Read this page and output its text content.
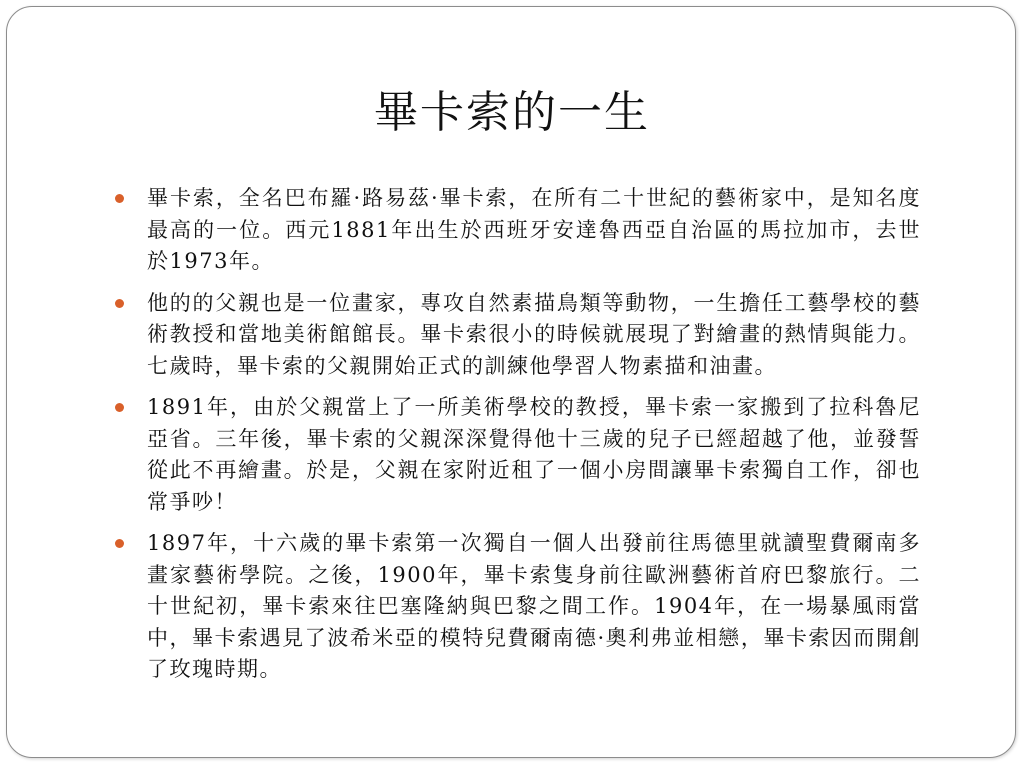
畢卡索的一生
畢卡索，全名巴布羅·路易茲·畢卡索，在所有二十世紀的藝術家中，是知名度最高的一位。西元1881年出生於西班牙安達魯西亞自治區的馬拉加市，去世於1973年。
他的的父親也是一位畫家，專攻自然素描鳥類等動物，一生擔任工藝學校的藝術教授和當地美術館館長。畢卡索很小的時候就展現了對繪畫的熱情與能力。七歲時，畢卡索的父親開始正式的訓練他學習人物素描和油畫。
1891年，由於父親當上了一所美術學校的教授，畢卡索一家搬到了拉科魯尼亞省。三年後，畢卡索的父親深深覺得他十三歲的兒子已經超越了他，並發誓從此不再繪畫。於是，父親在家附近租了一個小房間讓畢卡索獨自工作，卻也常爭吵！
1897年，十六歲的畢卡索第一次獨自一個人出發前往馬德里就讀聖費爾南多畫家藝術學院。之後，1900年，畢卡索隻身前往歐洲藝術首府巴黎旅行。二十世紀初，畢卡索來往巴塞隆納與巴黎之間工作。1904年，在一場暴風雨當中，畢卡索遇見了波希米亞的模特兒費爾南德·奧利弗並相戀，畢卡索因而開創了玫瑰時期。
